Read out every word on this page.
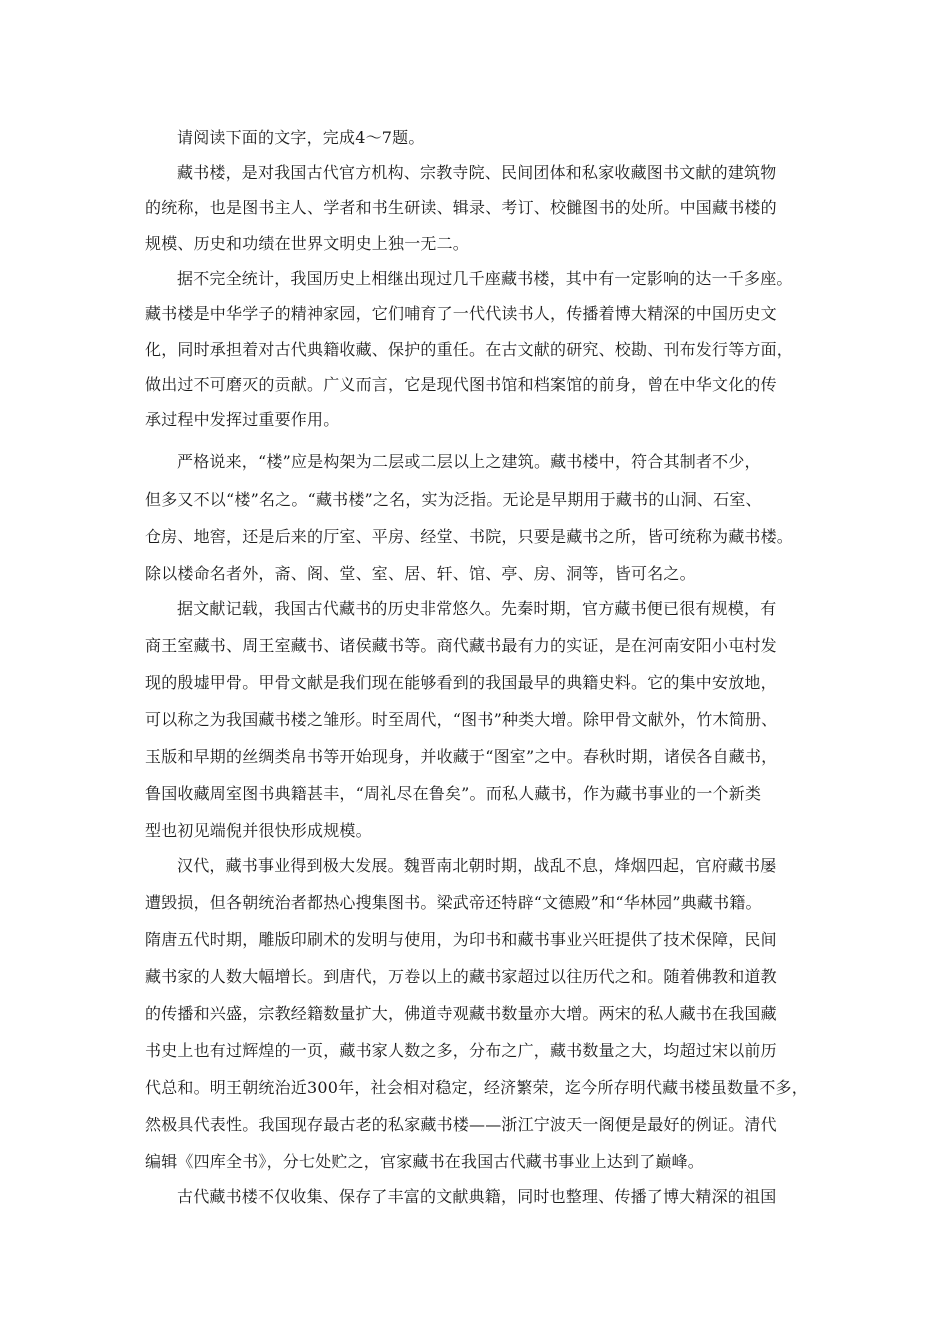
请阅读下面的文字，完成4～7题。
藏书楼，是对我国古代官方机构、宗教寺院、民间团体和私家收藏图书文献的建筑物
的统称，也是图书主人、学者和书生研读、辑录、考订、校雠图书的处所。中国藏书楼的
规模、历史和功绩在世界文明史上独一无二。
据不完全统计，我国历史上相继出现过几千座藏书楼，其中有一定影响的达一千多座。
藏书楼是中华学子的精神家园，它们哺育了一代代读书人，传播着博大精深的中国历史文
化，同时承担着对古代典籍收藏、保护的重任。在古文献的研究、校勘、刊布发行等方面，
做出过不可磨灭的贡献。广义而言，它是现代图书馆和档案馆的前身，曾在中华文化的传
承过程中发挥过重要作用。
严格说来，“楼”应是构架为二层或二层以上之建筑。藏书楼中，符合其制者不少，
但多又不以“楼”名之。“藏书楼”之名，实为泛指。无论是早期用于藏书的山洞、石室、
仓房、地窖，还是后来的厅室、平房、经堂、书院，只要是藏书之所，皆可统称为藏书楼。
除以楼命名者外，斋、阁、堂、室、居、轩、馆、亭、房、洞等，皆可名之。
据文献记载，我国古代藏书的历史非常悠久。先秦时期，官方藏书便已很有规模，有
商王室藏书、周王室藏书、诸侯藏书等。商代藏书最有力的实证，是在河南安阳小屯村发
现的殷墟甲骨。甲骨文献是我们现在能够看到的我国最早的典籍史料。它的集中安放地，
可以称之为我国藏书楼之雏形。时至周代，“图书”种类大增。除甲骨文献外，竹木简册、
玉版和早期的丝绸类帛书等开始现身，并收藏于“图室”之中。春秋时期，诸侯各自藏书，
鲁国收藏周室图书典籍甚丰，“周礼尽在鲁矣”。而私人藏书，作为藏书事业的一个新类
型也初见端倪并很快形成规模。
汉代，藏书事业得到极大发展。魏晋南北朝时期，战乱不息，烽烟四起，官府藏书屡
遭毁损，但各朝统治者都热心搜集图书。梁武帝还特辟“文德殿”和“华林园”典藏书籍。
隋唐五代时期，雕版印刷术的发明与使用，为印书和藏书事业兴旺提供了技术保障，民间
藏书家的人数大幅增长。到唐代，万卷以上的藏书家超过以往历代之和。随着佛教和道教
的传播和兴盛，宗教经籍数量扩大，佛道寺观藏书数量亦大增。两宋的私人藏书在我国藏
书史上也有过辉煌的一页，藏书家人数之多，分布之广，藏书数量之大，均超过宋以前历
代总和。明王朝统治近300年，社会相对稳定，经济繁荣，迄今所存明代藏书楼虽数量不多，
然极具代表性。我国现存最古老的私家藏书楼——浙江宁波天一阁便是最好的例证。清代
编辑《四库全书》，分七处贮之，官家藏书在我国古代藏书事业上达到了巅峰。
古代藏书楼不仅收集、保存了丰富的文献典籍，同时也整理、传播了博大精深的祖国
